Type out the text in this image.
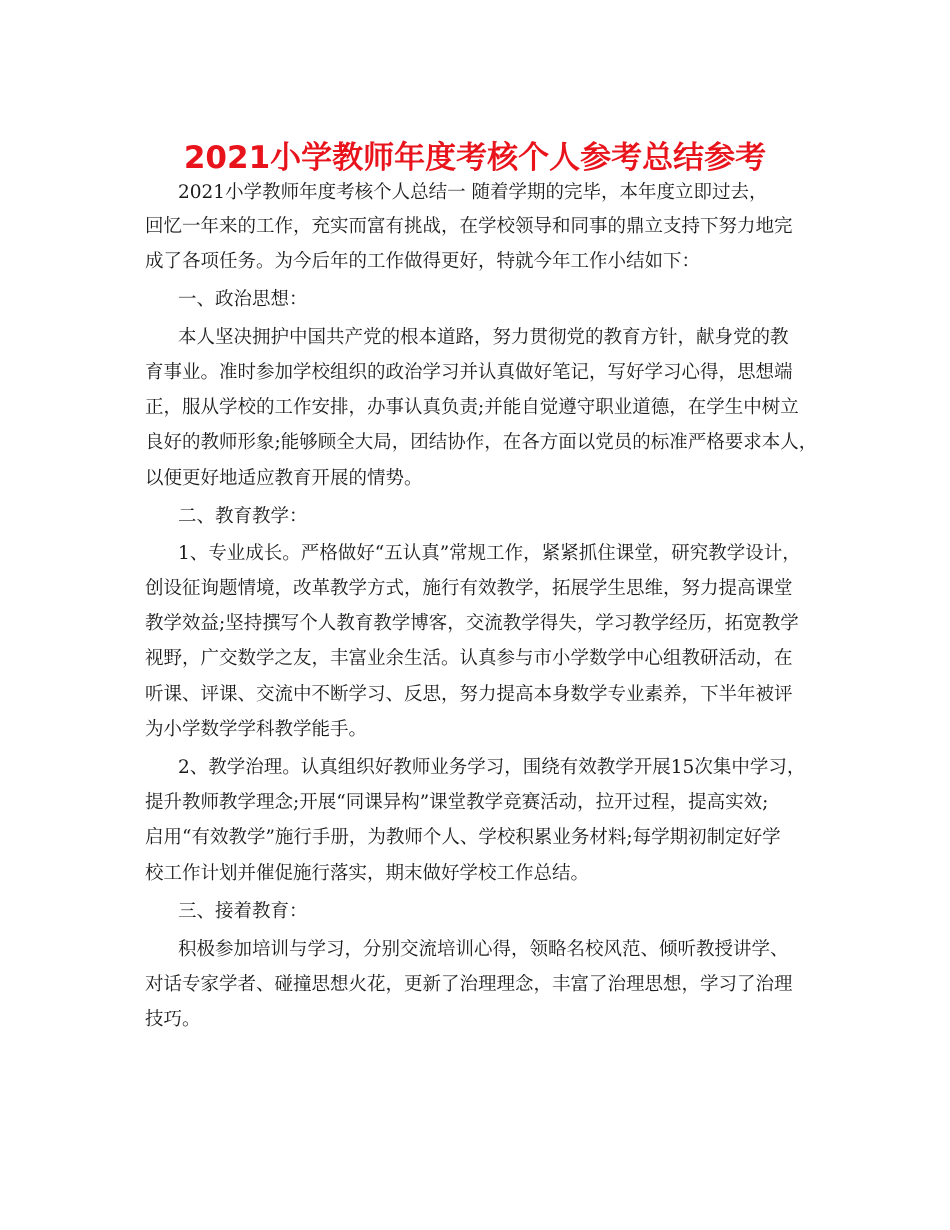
2021小学教师年度考核个人参考总结参考
2021小学教师年度考核个人总结一 随着学期的完毕，本年度立即过去，
回忆一年来的工作，充实而富有挑战，在学校领导和同事的鼎立支持下努力地完
成了各项任务。为今后年的工作做得更好，特就今年工作小结如下：
一、政治思想：
本人坚决拥护中国共产党的根本道路，努力贯彻党的教育方针，献身党的教
育事业。准时参加学校组织的政治学习并认真做好笔记，写好学习心得，思想端
正，服从学校的工作安排，办事认真负责;并能自觉遵守职业道德，在学生中树立
良好的教师形象;能够顾全大局，团结协作，在各方面以党员的标准严格要求本人，
以便更好地适应教育开展的情势。
二、教育教学：
1、专业成长。严格做好“五认真”常规工作，紧紧抓住课堂，研究教学设计，
创设征询题情境，改革教学方式，施行有效教学，拓展学生思维，努力提高课堂
教学效益;坚持撰写个人教育教学博客，交流教学得失，学习教学经历，拓宽教学
视野，广交数学之友，丰富业余生活。认真参与市小学数学中心组教研活动，在
听课、评课、交流中不断学习、反思，努力提高本身数学专业素养，下半年被评
为小学数学学科教学能手。
2、教学治理。认真组织好教师业务学习，围绕有效教学开展15次集中学习，
提升教师教学理念;开展“同课异构”课堂教学竞赛活动，拉开过程，提高实效;
启用“有效教学”施行手册，为教师个人、学校积累业务材料;每学期初制定好学
校工作计划并催促施行落实，期末做好学校工作总结。
三、接着教育：
积极参加培训与学习，分别交流培训心得，领略名校风范、倾听教授讲学、
对话专家学者、碰撞思想火花，更新了治理理念，丰富了治理思想，学习了治理
技巧。
